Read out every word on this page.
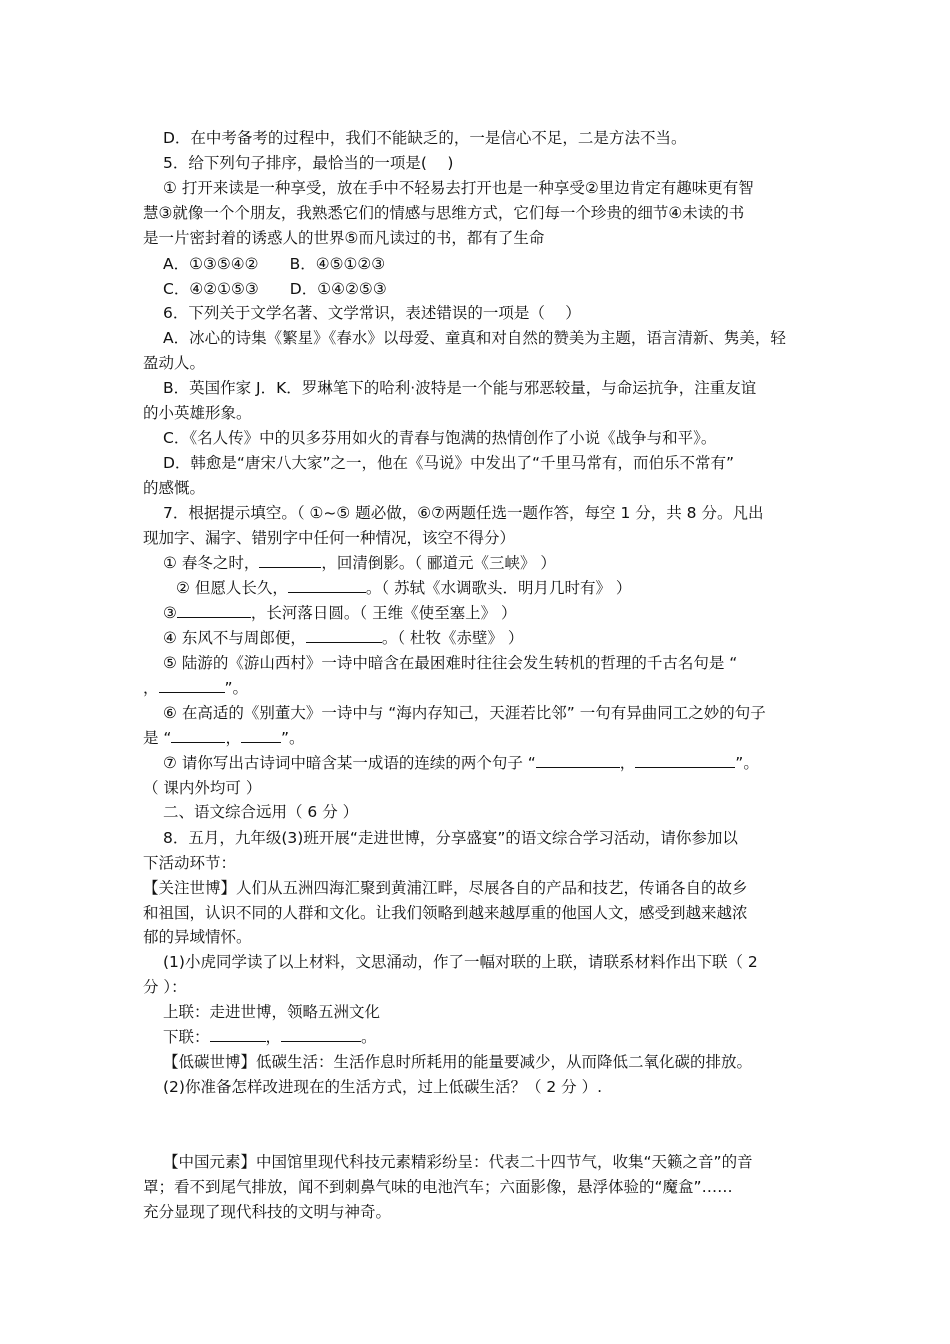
D．在中考备考的过程中，我们不能缺乏的，一是信心不足，二是方法不当。
5．给下列句子排序，最恰当的一项是(　 )
① 打开来读是一种享受，放在手中不轻易去打开也是一种享受②里边肯定有趣味更有智
慧③就像一个个朋友，我熟悉它们的情感与思维方式，它们每一个珍贵的细节④未读的书
是一片密封着的诱惑人的世界⑤而凡读过的书，都有了生命
A．①③⑤④②　　B．④⑤①②③
C．④②①⑤③　　D．①④②⑤③
6．下列关于文学名著、文学常识，表述错误的一项是（　 ）
A．冰心的诗集《繁星》《春水》以母爱、童真和对自然的赞美为主题，语言清新、隽美，轻
盈动人。
B．英国作家 J．K．罗琳笔下的哈利·波特是一个能与邪恶较量，与命运抗争，注重友谊
的小英雄形象。
C．《名人传》中的贝多芬用如火的青春与饱满的热情创作了小说《战争与和平》。
D．韩愈是“唐宋八大家”之一，他在《马说》中发出了“千里马常有，而伯乐不常有”
的感慨。
7．根据提示填空。（ ①~⑤ 题必做，⑥⑦两题任选一题作答，每空 1 分，共 8 分。凡出
现加字、漏字、错别字中任何一种情况，该空不得分）
① 春冬之时，	，回清倒影。（ 郦道元《三峡》 ）
② 但愿人长久，	。（ 苏轼《水调歌头．明月几时有》 ）
③	，长河落日圆。（ 王维《使至塞上》 ）
④ 东风不与周郎便，	。（ 杜牧《赤壁》 ）
⑤ 陆游的《游山西村》一诗中暗含在最困难时往往会发生转机的哲理的千古名句是 “
，	”。
⑥ 在高适的《别董大》一诗中与 “海内存知己，天涯若比邻” 一句有异曲同工之妙的句子
是 “	，	”。
⑦ 请你写出古诗词中暗含某一成语的连续的两个句子 “	，	”。
（ 课内外均可 ）
二、语文综合远用（ 6 分 ）
8．五月，九年级(3)班开展“走进世博，分享盛宴”的语文综合学习活动，请你参加以
下活动环节：
【关注世博】人们从五洲四海汇聚到黄浦江畔，尽展各自的产品和技艺，传诵各自的故乡
和祖国，认识不同的人群和文化。让我们领略到越来越厚重的他国人文，感受到越来越浓
郁的异域情怀。
(1)小虎同学读了以上材料，文思涌动，作了一幅对联的上联，请联系材料作出下联（ 2
分 ）：
上联：走进世博，领略五洲文化
下联：	，	。
【低碳世博】低碳生活：生活作息时所耗用的能量要减少，从而降低二氧化碳的排放。
(2)你准备怎样改进现在的生活方式，过上低碳生活？（ 2 分 ）.
【中国元素】中国馆里现代科技元素精彩纷呈：代表二十四节气，收集“天籁之音”的音
罩；看不到尾气排放，闻不到刺鼻气味的电池汽车；六面影像，悬浮体验的“魔盒”……
充分显现了现代科技的文明与神奇。
